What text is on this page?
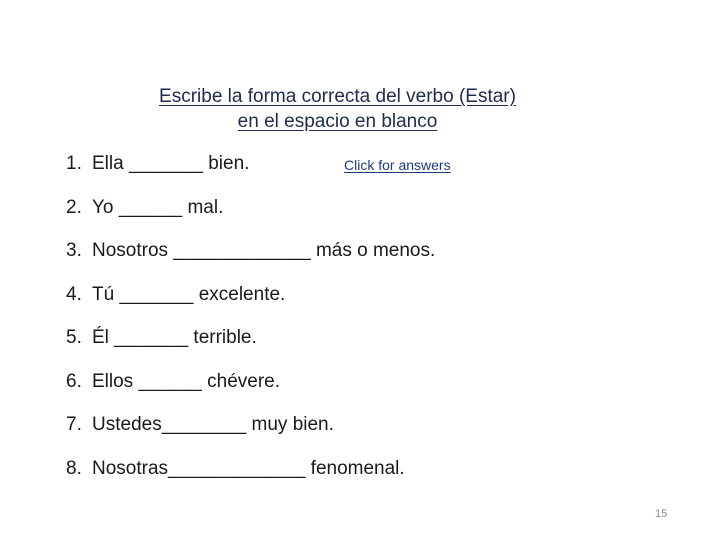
Escribe la forma correcta del verbo (Estar)
en el espacio en blanco
Click for answers
1. Ella _______ bien.
2. Yo ______ mal.
3. Nosotros _____________ más o menos.
4. Tú _______ excelente.
5. Él _______ terrible.
6. Ellos ______ chévere.
7. Ustedes________ muy bien.
8. Nosotras_____________ fenomenal.
15
